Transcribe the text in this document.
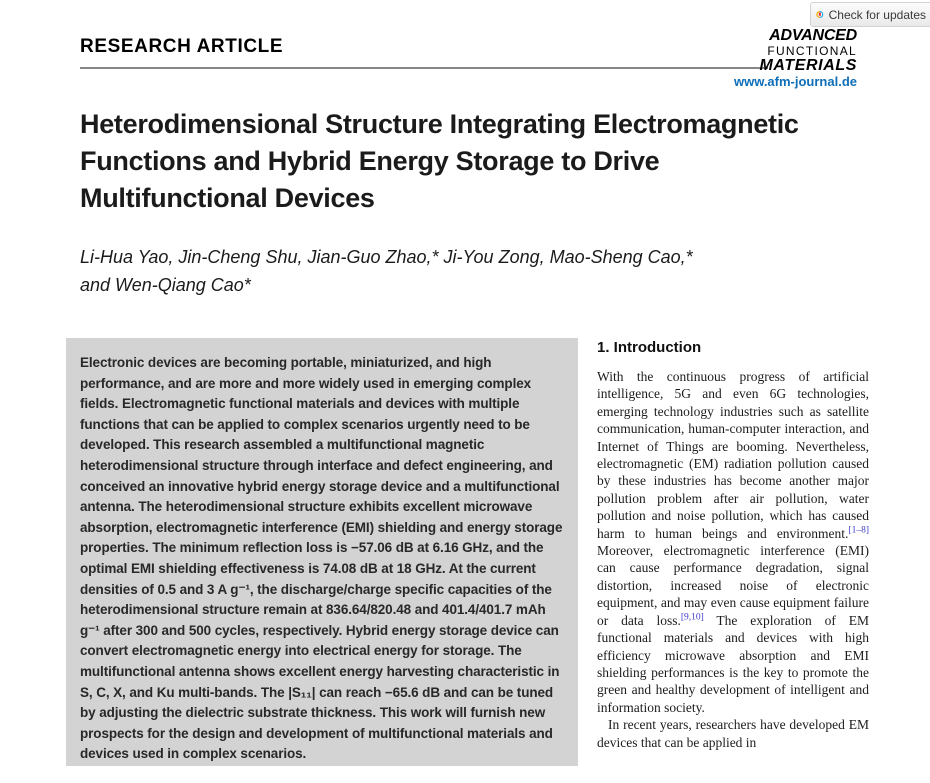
Check for updates
RESEARCH ARTICLE
ADVANCED
FUNCTIONAL
MATERIALS
www.afm-journal.de
Heterodimensional Structure Integrating Electromagnetic
Functions and Hybrid Energy Storage to Drive
Multifunctional Devices
Li-Hua Yao, Jin-Cheng Shu, Jian-Guo Zhao,* Ji-You Zong, Mao-Sheng Cao,*
and Wen-Qiang Cao*

Electronic devices are becoming portable, miniaturized, and high performance, and are more and more widely used in emerging complex fields. Electromagnetic functional materials and devices with multiple functions that can be applied to complex scenarios urgently need to be developed. This research assembled a multifunctional magnetic heterodimensional structure through interface and defect engineering, and conceived an innovative hybrid energy storage device and a multifunctional antenna. The heterodimensional structure exhibits excellent microwave absorption, electromagnetic interference (EMI) shielding and energy storage properties. The minimum reflection loss is −57.06 dB at 6.16 GHz, and the optimal EMI shielding effectiveness is 74.08 dB at 18 GHz. At the current densities of 0.5 and 3 A g⁻¹, the discharge/charge specific capacities of the heterodimensional structure remain at 836.64/820.48 and 401.4/401.7 mAh g⁻¹ after 300 and 500 cycles, respectively. Hybrid energy storage device can convert electromagnetic energy into electrical energy for storage. The multifunctional antenna shows excellent energy harvesting characteristic in S, C, X, and Ku multi-bands. The |S₁₁| can reach −65.6 dB and can be tuned by adjusting the dielectric substrate thickness. This work will furnish new prospects for the design and development of multifunctional materials and devices used in complex scenarios.

1. Introduction

With the continuous progress of artificial intelligence, 5G and even 6G technologies, emerging technology industries such as satellite communication, human-computer interaction, and Internet of Things are booming. Nevertheless, electromagnetic (EM) radiation pollution caused by these industries has become another major pollution problem after air pollution, water pollution and noise pollution, which has caused harm to human beings and environment.[1–8] Moreover, electromagnetic interference (EMI) can cause performance degradation, signal distortion, increased noise of electronic equipment, and may even cause equipment failure or data loss.[9,10] The exploration of EM functional materials and devices with high efficiency microwave absorption and EMI shielding performances is the key to promote the green and healthy development of intelligent and information society.

In recent years, researchers have developed EM devices that can be applied in
